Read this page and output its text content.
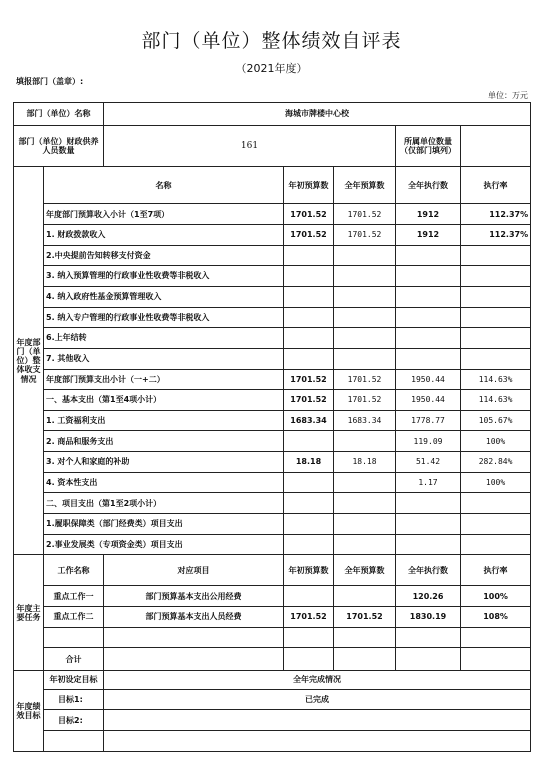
部门（单位）整体绩效自评表
（2021年度）
填报部门（盖章）:
单位：万元
部门（单位）名称		海城市牌楼中心校				
部门（单位）财政供养人员数量		161			所属单位数量（仅部门填列）	
年度部门（单位）整体收支情况	名称		年初预算数	全年预算数	全年执行数	执行率
	年度部门预算收入小计（1至7项）		1701.52	1701.52	1912	112.37%
	1. 财政拨款收入		1701.52	1701.52	1912	112.37%
	2.中央提前告知转移支付资金					
	3. 纳入预算管理的行政事业性收费等非税收入					
	4. 纳入政府性基金预算管理收入					
	5. 纳入专户管理的行政事业性收费等非税收入					
	6.上年结转					
	7. 其他收入					
	年度部门预算支出小计（一+二）		1701.52	1701.52	1950.44	114.63%
	一、基本支出（第1至4项小计）		1701.52	1701.52	1950.44	114.63%
	1. 工资福利支出		1683.34	1683.34	1778.77	105.67%
	2. 商品和服务支出				119.09	100%
	3. 对个人和家庭的补助		18.18	18.18	51.42	282.84%
	4. 资本性支出				1.17	100%
	二、项目支出（第1至2项小计）					
	1.履职保障类（部门经费类）项目支出					
	2.事业发展类（专项资金类）项目支出					
年度主要任务	工作名称	对应项目	年初预算数	全年预算数	全年执行数	执行率
	重点工作一	部门预算基本支出公用经费			120.26	100%
	重点工作二	部门预算基本支出人员经费	1701.52	1701.52	1830.19	108%

	合计					
年度绩效目标	年初设定目标	全年完成情况				
	目标1:	已完成				
	目标2:					
